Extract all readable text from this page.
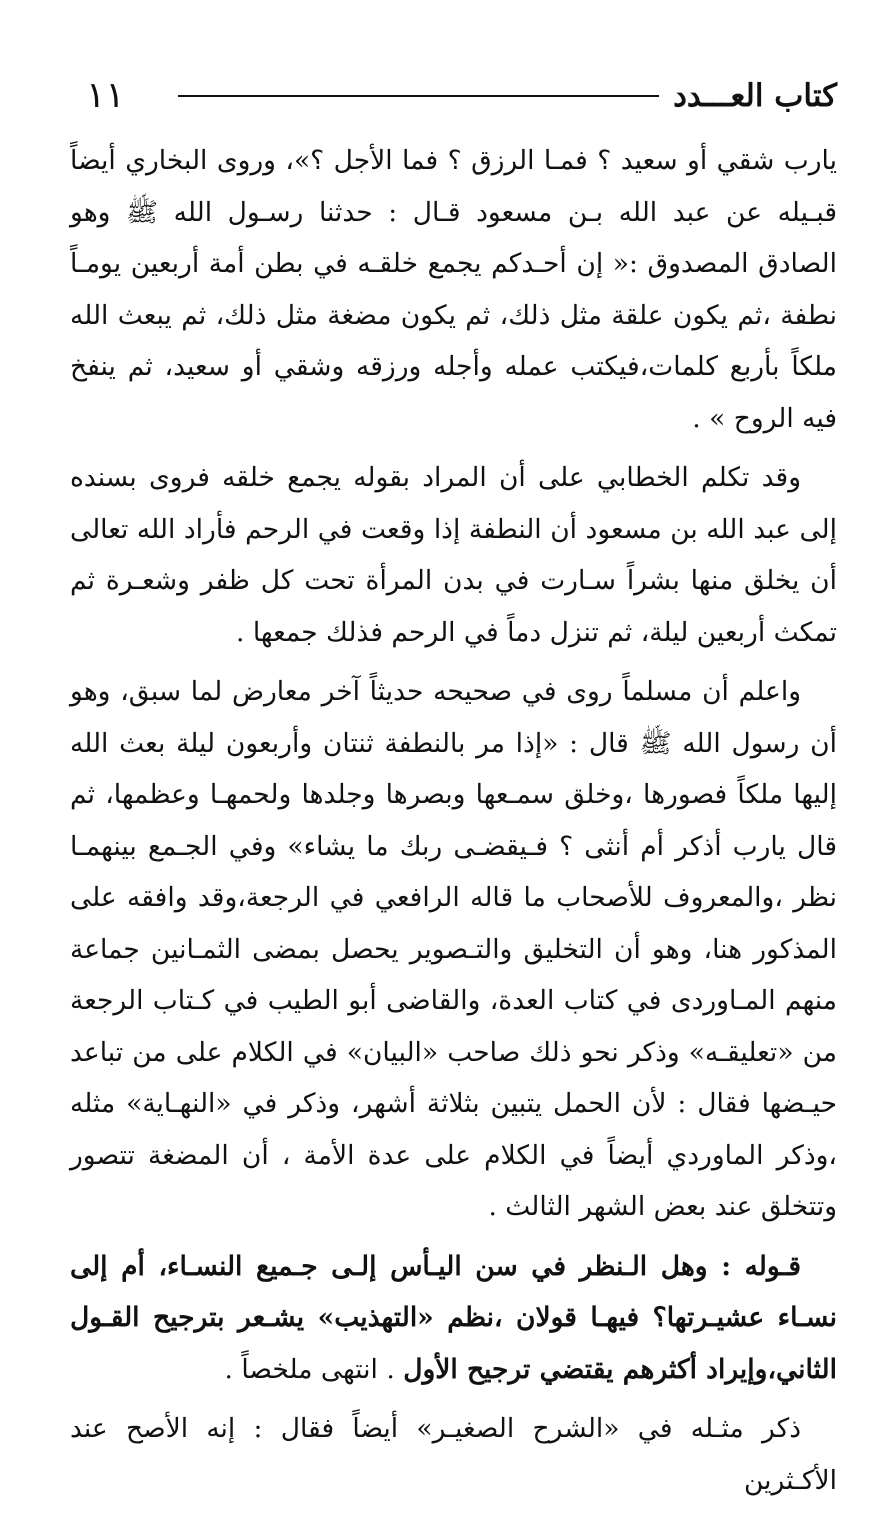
١١	كتاب العـــدد

يارب شقي أو سعيد ؟ فمـا الرزق ؟ فما الأجل ؟»، وروى البخاري أيضاً قبـيله عن عبد الله بـن مسعود قـال : حدثنا رسـول الله ﷺ وهو الصادق المصدوق :« إن أحـدكم يجمع خلقـه في بطن أمة أربعين يومـاً نطفة ،ثم يكون علقة مثل ذلك، ثم يكون مضغة مثل ذلك، ثم يبعث الله ملكاً بأربع كلمات،فيكتب عمله وأجله ورزقه وشقي أو سعيد، ثم ينفخ فيه الروح » .

وقد تكلم الخطابي على أن المراد بقوله يجمع خلقه فروى بسنده إلى عبد الله بن مسعود أن النطفة إذا وقعت في الرحم فأراد الله تعالى أن يخلق منها بشراً سـارت في بدن المرأة تحت كل ظفر وشعـرة ثم تمكث أربعين ليلة، ثم تنزل دماً في الرحم فذلك جمعها .

واعلم أن مسلماً روى في صحيحه حديثاً آخر معارض لما سبق، وهو أن رسول الله ﷺ قال : «إذا مر بالنطفة ثنتان وأربعون ليلة بعث الله إليها ملكاً فصورها ،وخلق سمـعها وبصرها وجلدها ولحمهـا وعظمها، ثم قال يارب أذكر أم أنثى ؟ فـيقضـى ربك ما يشاء» وفي الجـمع بينهمـا نظر ،والمعروف للأصحاب ما قاله الرافعي في الرجعة،وقد وافقه على المذكور هنا، وهو أن التخليق والتـصوير يحصل بمضى الثمـانين جماعة منهم المـاوردى في كتاب العدة، والقاضى أبو الطيب في كـتاب الرجعة من «تعليقـه» وذكر نحو ذلك صاحب «البيان» في الكلام على من تباعد حيـضها فقال : لأن الحمل يتبين بثلاثة أشهر، وذكر في «النهـاية» مثله ،وذكر الماوردي أيضاً في الكلام على عدة الأمة ، أن المضغة تتصور وتتخلق عند بعض الشهر الثالث .

قـوله : وهل الـنظر في سن اليـأس إلـى جـميع النسـاء، أم إلى نسـاء عشيـرتها؟ فيهـا قولان ،نظم «التهذيب» يشـعر بترجيح القـول الثاني،وإيراد أكثرهم يقتضي ترجيح الأول . انتهى ملخصاً .

ذكر مثـله في «الشرح الصغيـر» أيضاً فقال : إنه الأصح عند الأكـثرين
